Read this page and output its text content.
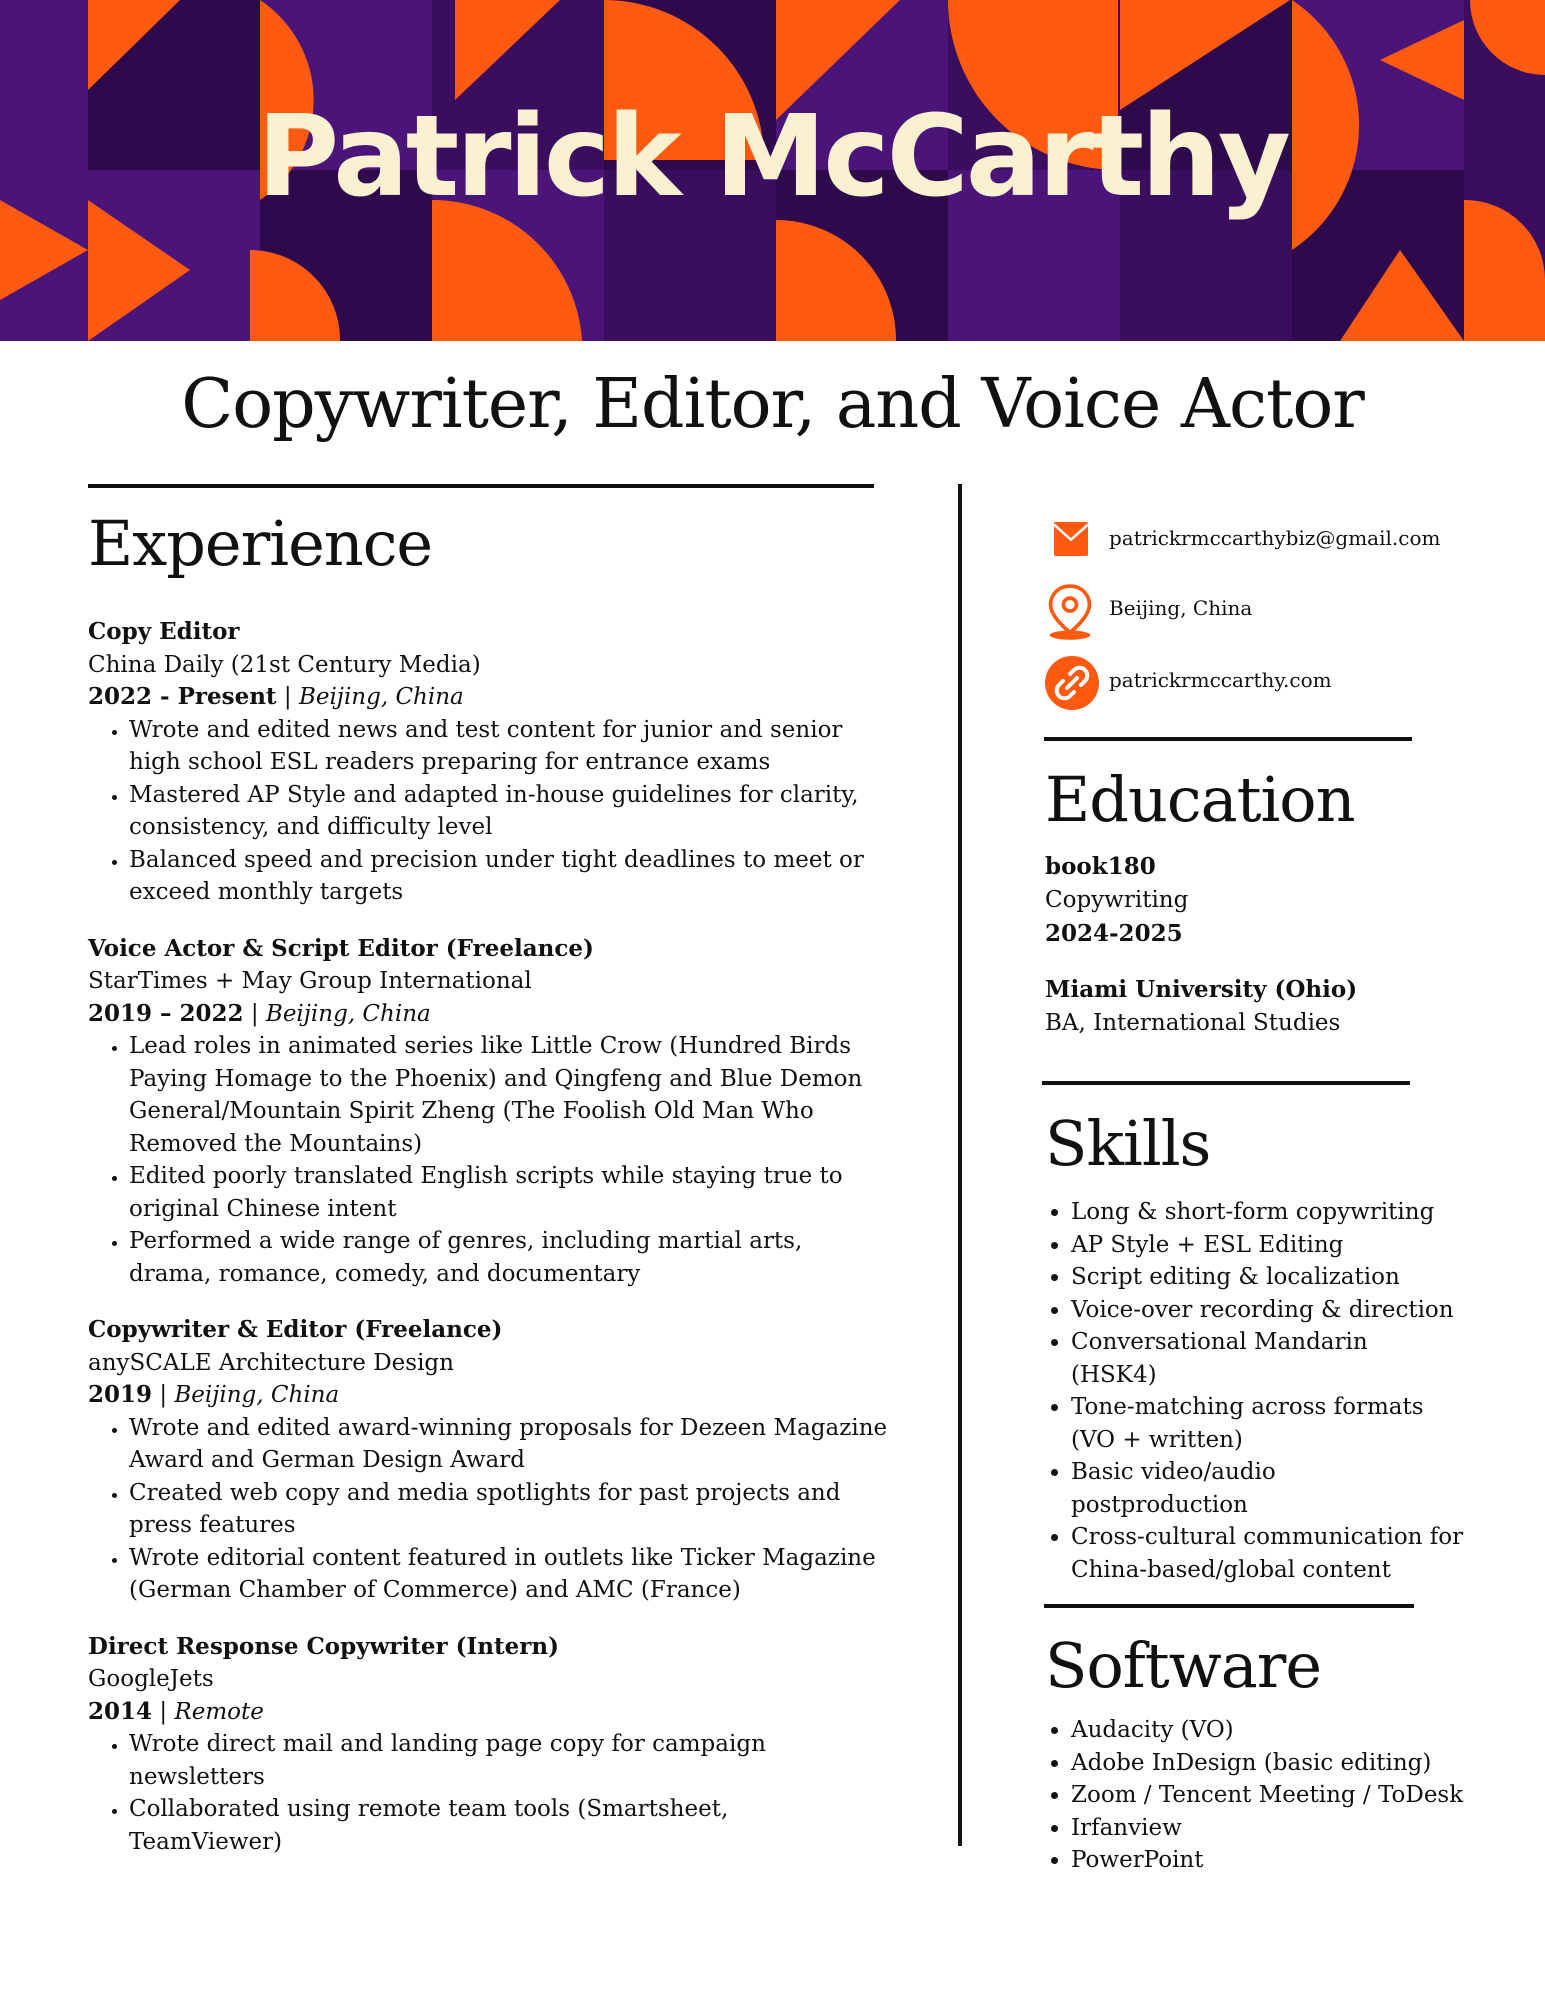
Patrick McCarthy
Copywriter, Editor, and Voice Actor
Experience
Copy Editor
China Daily (21st Century Media)
2022 - Present | Beijing, China
• Wrote and edited news and test content for junior and senior high school ESL readers preparing for entrance exams
• Mastered AP Style and adapted in-house guidelines for clarity, consistency, and difficulty level
• Balanced speed and precision under tight deadlines to meet or exceed monthly targets
Voice Actor & Script Editor (Freelance)
StarTimes + May Group International
2019 – 2022 | Beijing, China
• Lead roles in animated series like Little Crow (Hundred Birds Paying Homage to the Phoenix) and Qingfeng and Blue Demon General/Mountain Spirit Zheng (The Foolish Old Man Who Removed the Mountains)
• Edited poorly translated English scripts while staying true to original Chinese intent
• Performed a wide range of genres, including martial arts, drama, romance, comedy, and documentary
Copywriter & Editor (Freelance)
anySCALE Architecture Design
2019 | Beijing, China
• Wrote and edited award-winning proposals for Dezeen Magazine Award and German Design Award
• Created web copy and media spotlights for past projects and press features
• Wrote editorial content featured in outlets like Ticker Magazine (German Chamber of Commerce) and AMC (France)
Direct Response Copywriter (Intern)
GoogleJets
2014 | Remote
• Wrote direct mail and landing page copy for campaign newsletters
• Collaborated using remote team tools (Smartsheet, TeamViewer)
patrickrmccarthybiz@gmail.com
Beijing, China
patrickrmccarthy.com
Education
book180
Copywriting
2024-2025
Miami University (Ohio)
BA, International Studies
Skills
• Long & short-form copywriting
• AP Style + ESL Editing
• Script editing & localization
• Voice-over recording & direction
• Conversational Mandarin (HSK4)
• Tone-matching across formats (VO + written)
• Basic video/audio postproduction
• Cross-cultural communication for China-based/global content
Software
• Audacity (VO)
• Adobe InDesign (basic editing)
• Zoom / Tencent Meeting / ToDesk
• Irfanview
• PowerPoint
